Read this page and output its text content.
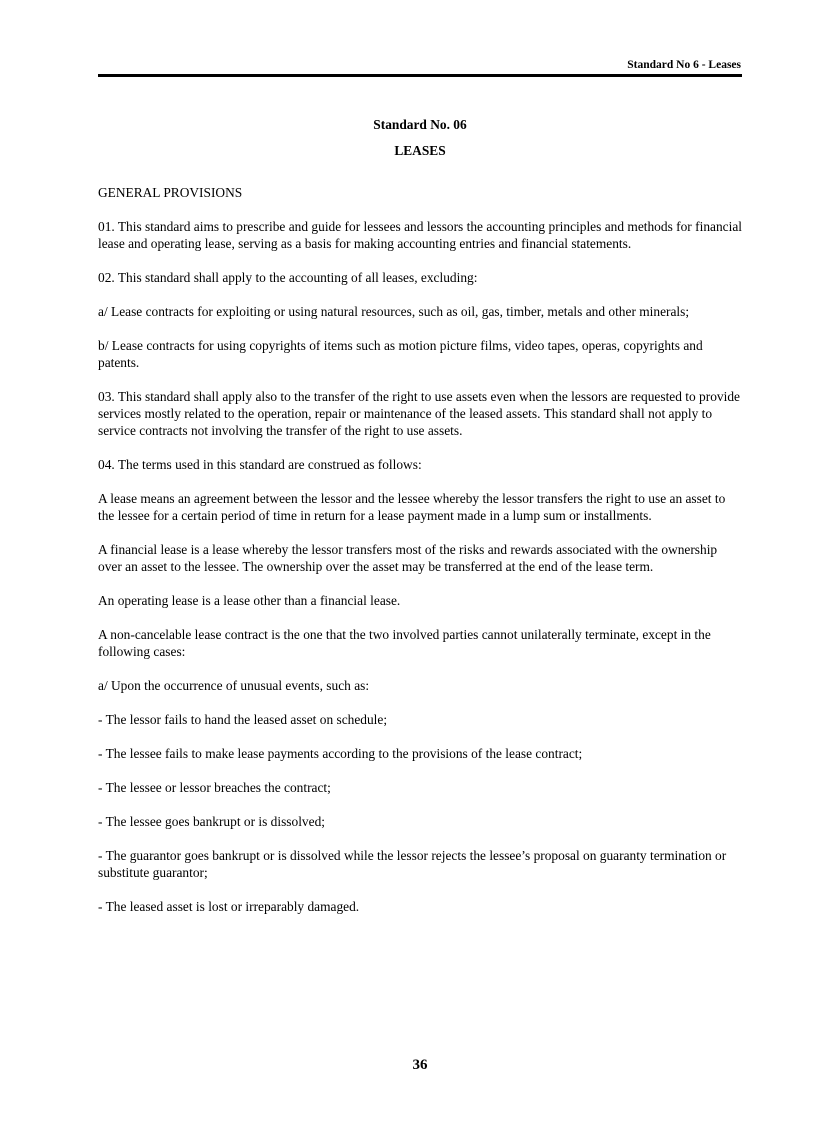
Standard No 6 - Leases
Standard No. 06
LEASES

GENERAL PROVISIONS

01. This standard aims to prescribe and guide for lessees and lessors the accounting principles and methods for financial lease and operating lease, serving as a basis for making accounting entries and financial statements.

02. This standard shall apply to the accounting of all leases, excluding:

a/ Lease contracts for exploiting or using natural resources, such as oil, gas, timber, metals and other minerals;

b/ Lease contracts for using copyrights of items such as motion picture films, video tapes, operas, copyrights and patents.

03. This standard shall apply also to the transfer of the right to use assets even when the lessors are requested to provide services mostly related to the operation, repair or maintenance of the leased assets. This standard shall not apply to service contracts not involving the transfer of the right to use assets.

04. The terms used in this standard are construed as follows:

A lease means an agreement between the lessor and the lessee whereby the lessor transfers the right to use an asset to the lessee for a certain period of time in return for a lease payment made in a lump sum or installments.

A financial lease is a lease whereby the lessor transfers most of the risks and rewards associated with the ownership over an asset to the lessee. The ownership over the asset may be transferred at the end of the lease term.

An operating lease is a lease other than a financial lease.

A non-cancelable lease contract is the one that the two involved parties cannot unilaterally terminate, except in the following cases:

a/ Upon the occurrence of unusual events, such as:

- The lessor fails to hand the leased asset on schedule;

- The lessee fails to make lease payments according to the provisions of the lease contract;

- The lessee or lessor breaches the contract;

- The lessee goes bankrupt or is dissolved;

- The guarantor goes bankrupt or is dissolved while the lessor rejects the lessee’s proposal on guaranty termination or substitute guarantor;

- The leased asset is lost or irreparably damaged.

36
